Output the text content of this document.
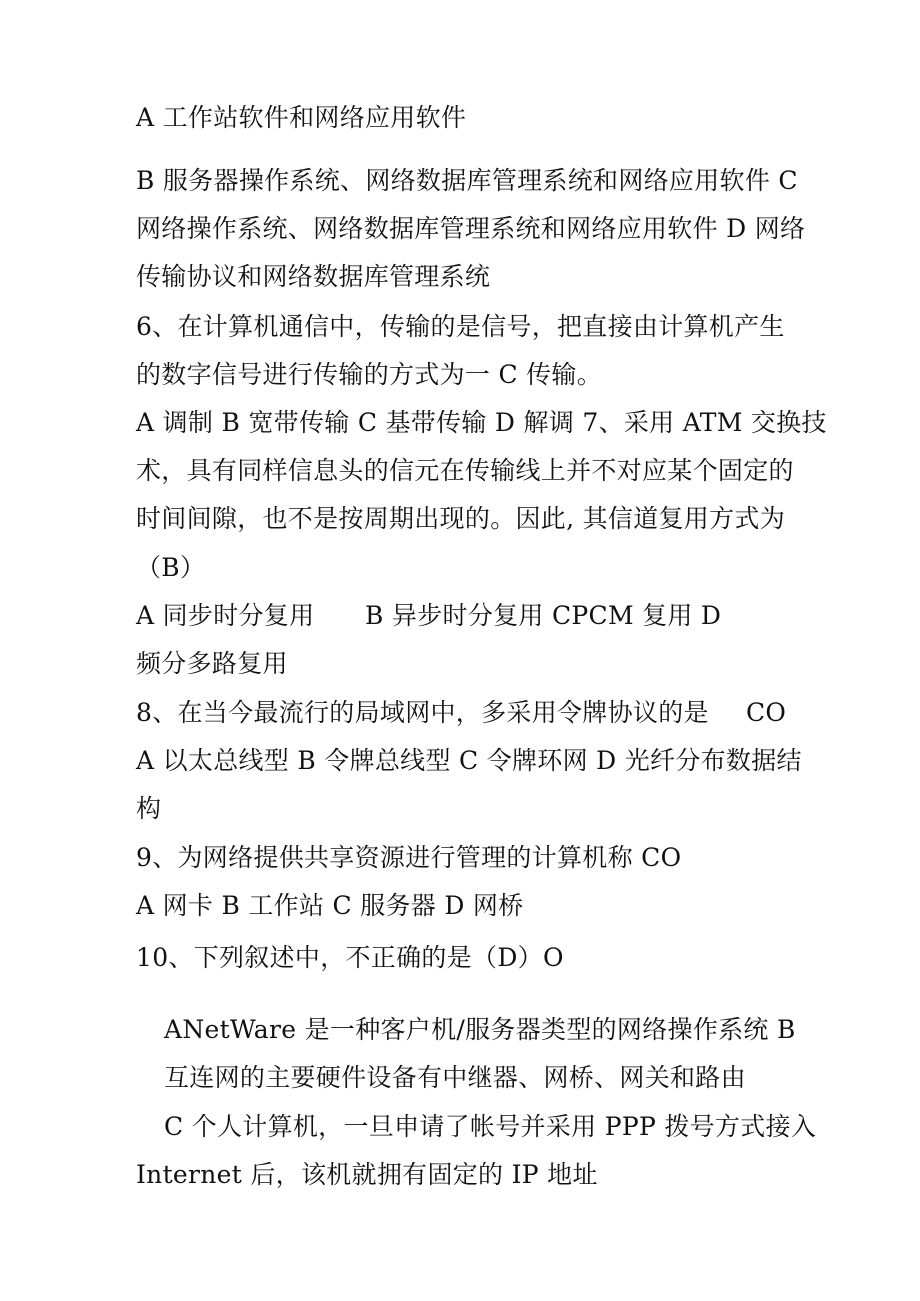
A 工作站软件和网络应用软件
B 服务器操作系统、网络数据库管理系统和网络应用软件 C
网络操作系统、网络数据库管理系统和网络应用软件 D 网络
传输协议和网络数据库管理系统
6、在计算机通信中，传输的是信号，把直接由计算机产生
的数字信号进行传输的方式为一 C 传输。
A 调制 B 宽带传输 C 基带传输 D 解调 7、采用 ATM 交换技
术，具有同样信息头的信元在传输线上并不对应某个固定的
时间间隙，也不是按周期出现的。因此, 其信道复用方式为
（B）
A 同步时分复用　　B 异步时分复用 CPCM 复用 D
频分多路复用
8、在当今最流行的局域网中，多采用令牌协议的是 CO
A 以太总线型 B 令牌总线型 C 令牌环网 D 光纤分布数据结
构
9、为网络提供共享资源进行管理的计算机称 CO
A 网卡 B 工作站 C 服务器 D 网桥
10、下列叙述中，不正确的是（D）O
ANetWare 是一种客户机/服务器类型的网络操作系统 B
互连网的主要硬件设备有中继器、网桥、网关和路由
C 个人计算机，一旦申请了帐号并采用 PPP 拨号方式接入
Internet 后，该机就拥有固定的 IP 地址
